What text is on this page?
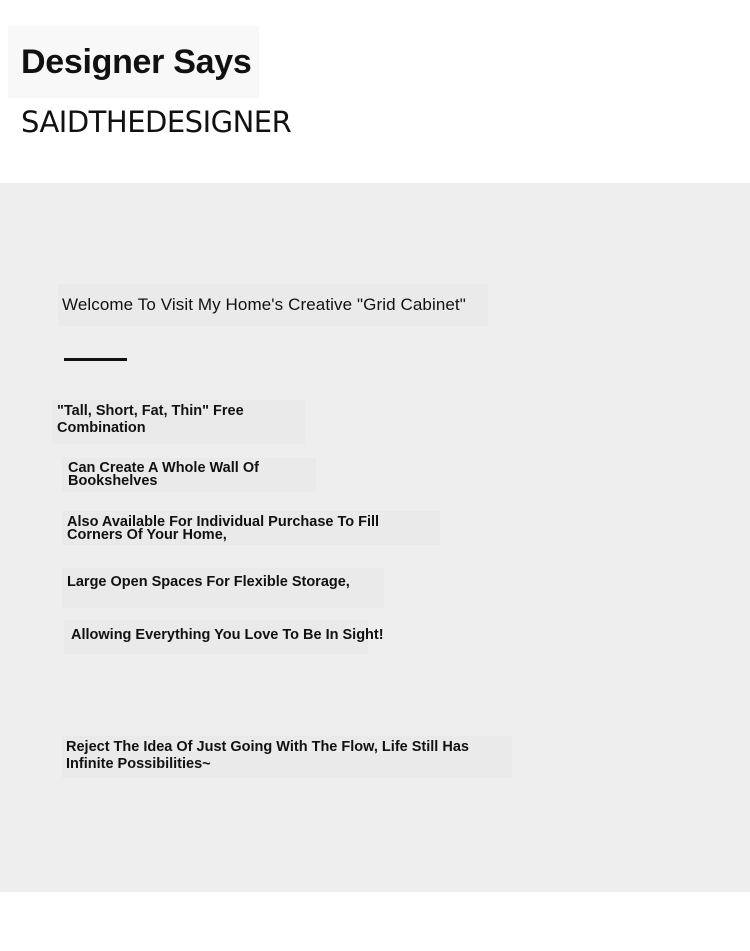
Designer Says

SAIDTHEDESIGNER

Welcome To Visit My Home's Creative "Grid Cabinet"

"Tall, Short, Fat, Thin" Free Combination

Can Create A Whole Wall Of Bookshelves

Also Available For Individual Purchase To Fill Corners Of Your Home,

Large Open Spaces For Flexible Storage,

Allowing Everything You Love To Be In Sight!

Reject The Idea Of Just Going With The Flow, Life Still Has Infinite Possibilities~
